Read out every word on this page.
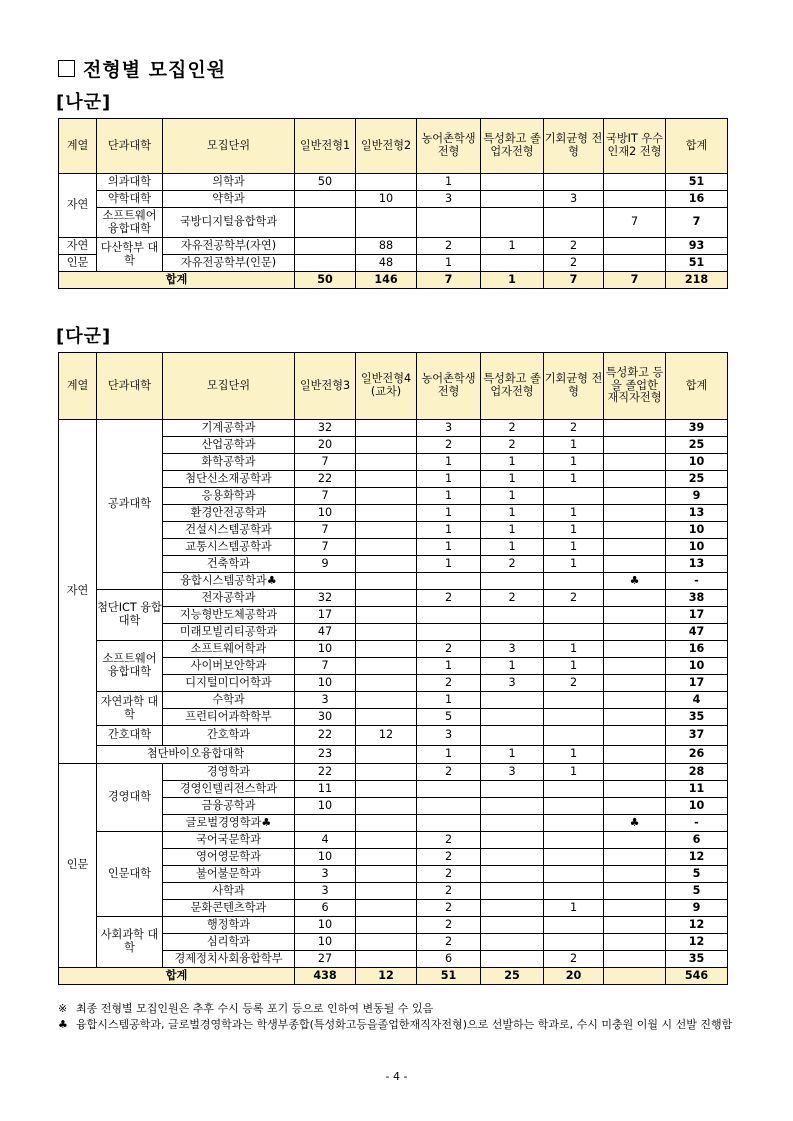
전형별 모집인원
[나군]
계열	단과대학	모집단위	일반전형1	일반전형2	농어촌학생 전형	특성화고 졸업자전형	기회균형 전형	국방IT 우수인재2 전형	합계
자연	의과대학	의학과	50		1				51
	약학대학	약학과		10	3		3		16
	소프트웨어 융합대학	국방디지털융합학과						7	7
자연	다산학부 대학	자유전공학부(자연)		88	2	1	2		93
인문		자유전공학부(인문)		48	1		2		51
합계			50	146	7	1	7	7	218
[다군]
계열	단과대학	모집단위	일반전형3	일반전형4 (교차)	농어촌학생 전형	특성화고 졸업자전형	기회균형 전형	특성화고 등을 졸업한 재직자전형	합계
자연	공과대학	기계공학과	32		3	2	2		39
		산업공학과	20		2	2	1		25
		화학공학과	7		1	1	1		10
		첨단신소재공학과	22		1	1	1		25
		응용화학과	7		1	1			9
		환경안전공학과	10		1	1	1		13
		건설시스템공학과	7		1	1	1		10
		교통시스템공학과	7		1	1	1		10
		건축학과	9		1	2	1		13
		융합시스템공학과♣						♣	-
	첨단ICT 융합대학	전자공학과	32		2	2	2		38
		지능형반도체공학과	17						17
		미래모빌리티공학과	47						47
	소프트웨어 융합대학	소프트웨어학과	10		2	3	1		16
		사이버보안학과	7		1	1	1		10
		디지털미디어학과	10		2	3	2		17
	자연과학 대학	수학과	3		1				4
		프런티어과학학부	30		5				35
	간호대학	간호학과	22	12	3				37
	첨단바이오융합대학		23		1	1	1		26
인문	경영대학	경영학과	22		2	3	1		28
		경영인텔리전스학과	11						11
		금융공학과	10						10
		글로벌경영학과♣						♣	-
	인문대학	국어국문학과	4		2				6
		영어영문학과	10		2				12
		불어불문학과	3		2				5
		사학과	3		2				5
		문화콘텐츠학과	6		2		1		9
	사회과학 대학	행정학과	10		2				12
		심리학과	10		2				12
		경제정치사회융합학부	27		6		2		35
합계			438	12	51	25	20		546
※ 최종 전형별 모집인원은 추후 수시 등록 포기 등으로 인하여 변동될 수 있음
♣ 융합시스템공학과, 글로벌경영학과는 학생부종합(특성화고등을졸업한재직자전형)으로 선발하는 학과로, 수시 미충원 이월 시 선발 진행함
- 4 -
